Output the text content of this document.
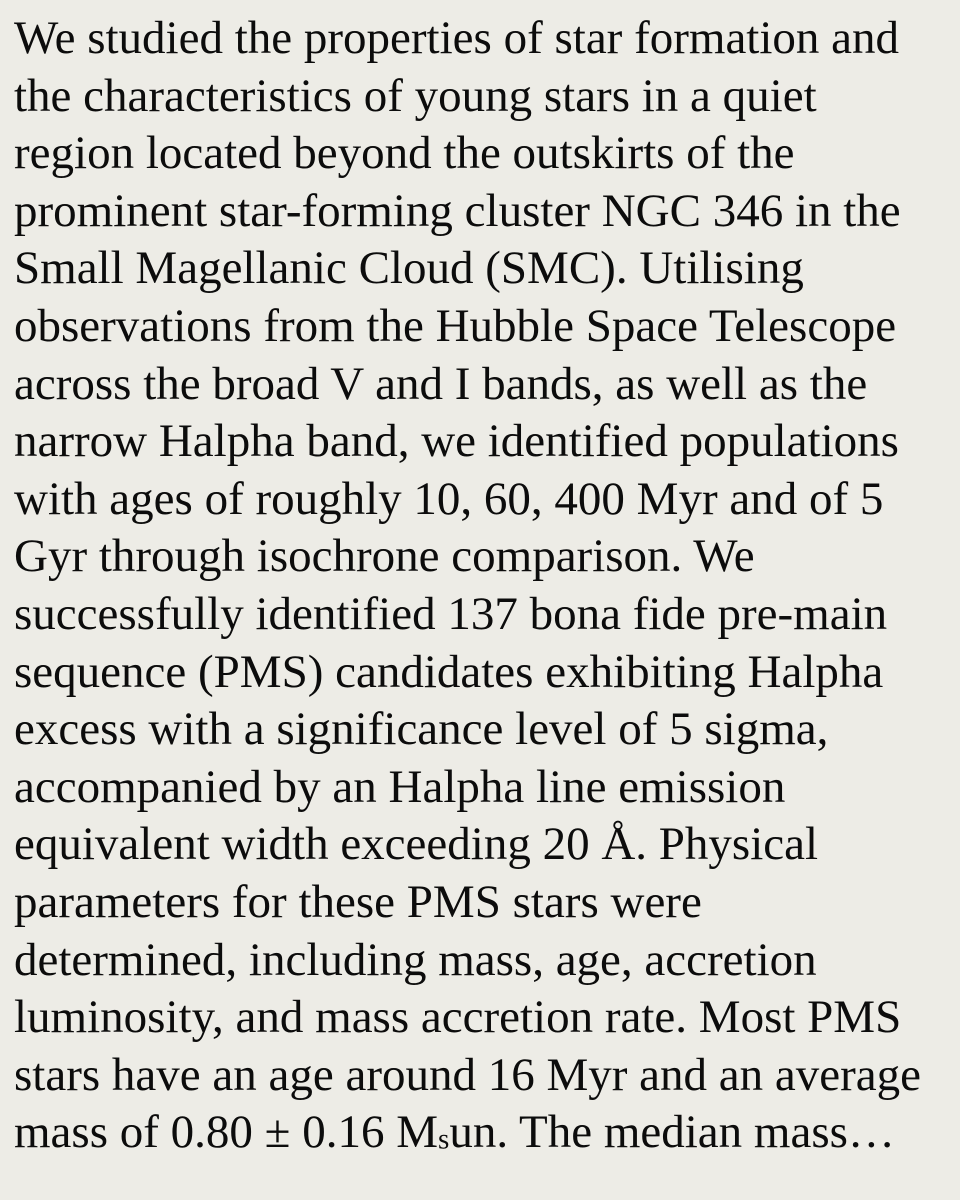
We studied the properties of star formation and
the characteristics of young stars in a quiet
region located beyond the outskirts of the
prominent star-forming cluster NGC 346 in the
Small Magellanic Cloud (SMC). Utilising
observations from the Hubble Space Telescope
across the broad V and I bands, as well as the
narrow Halpha band, we identified populations
with ages of roughly 10, 60, 400 Myr and of 5
Gyr through isochrone comparison. We
successfully identified 137 bona fide pre-main
sequence (PMS) candidates exhibiting Halpha
excess with a significance level of 5 sigma,
accompanied by an Halpha line emission
equivalent width exceeding 20 Å. Physical
parameters for these PMS stars were
determined, including mass, age, accretion
luminosity, and mass accretion rate. Most PMS
stars have an age around 16 Myr and an average
mass of 0.80 ± 0.16 Msun. The median mass…
